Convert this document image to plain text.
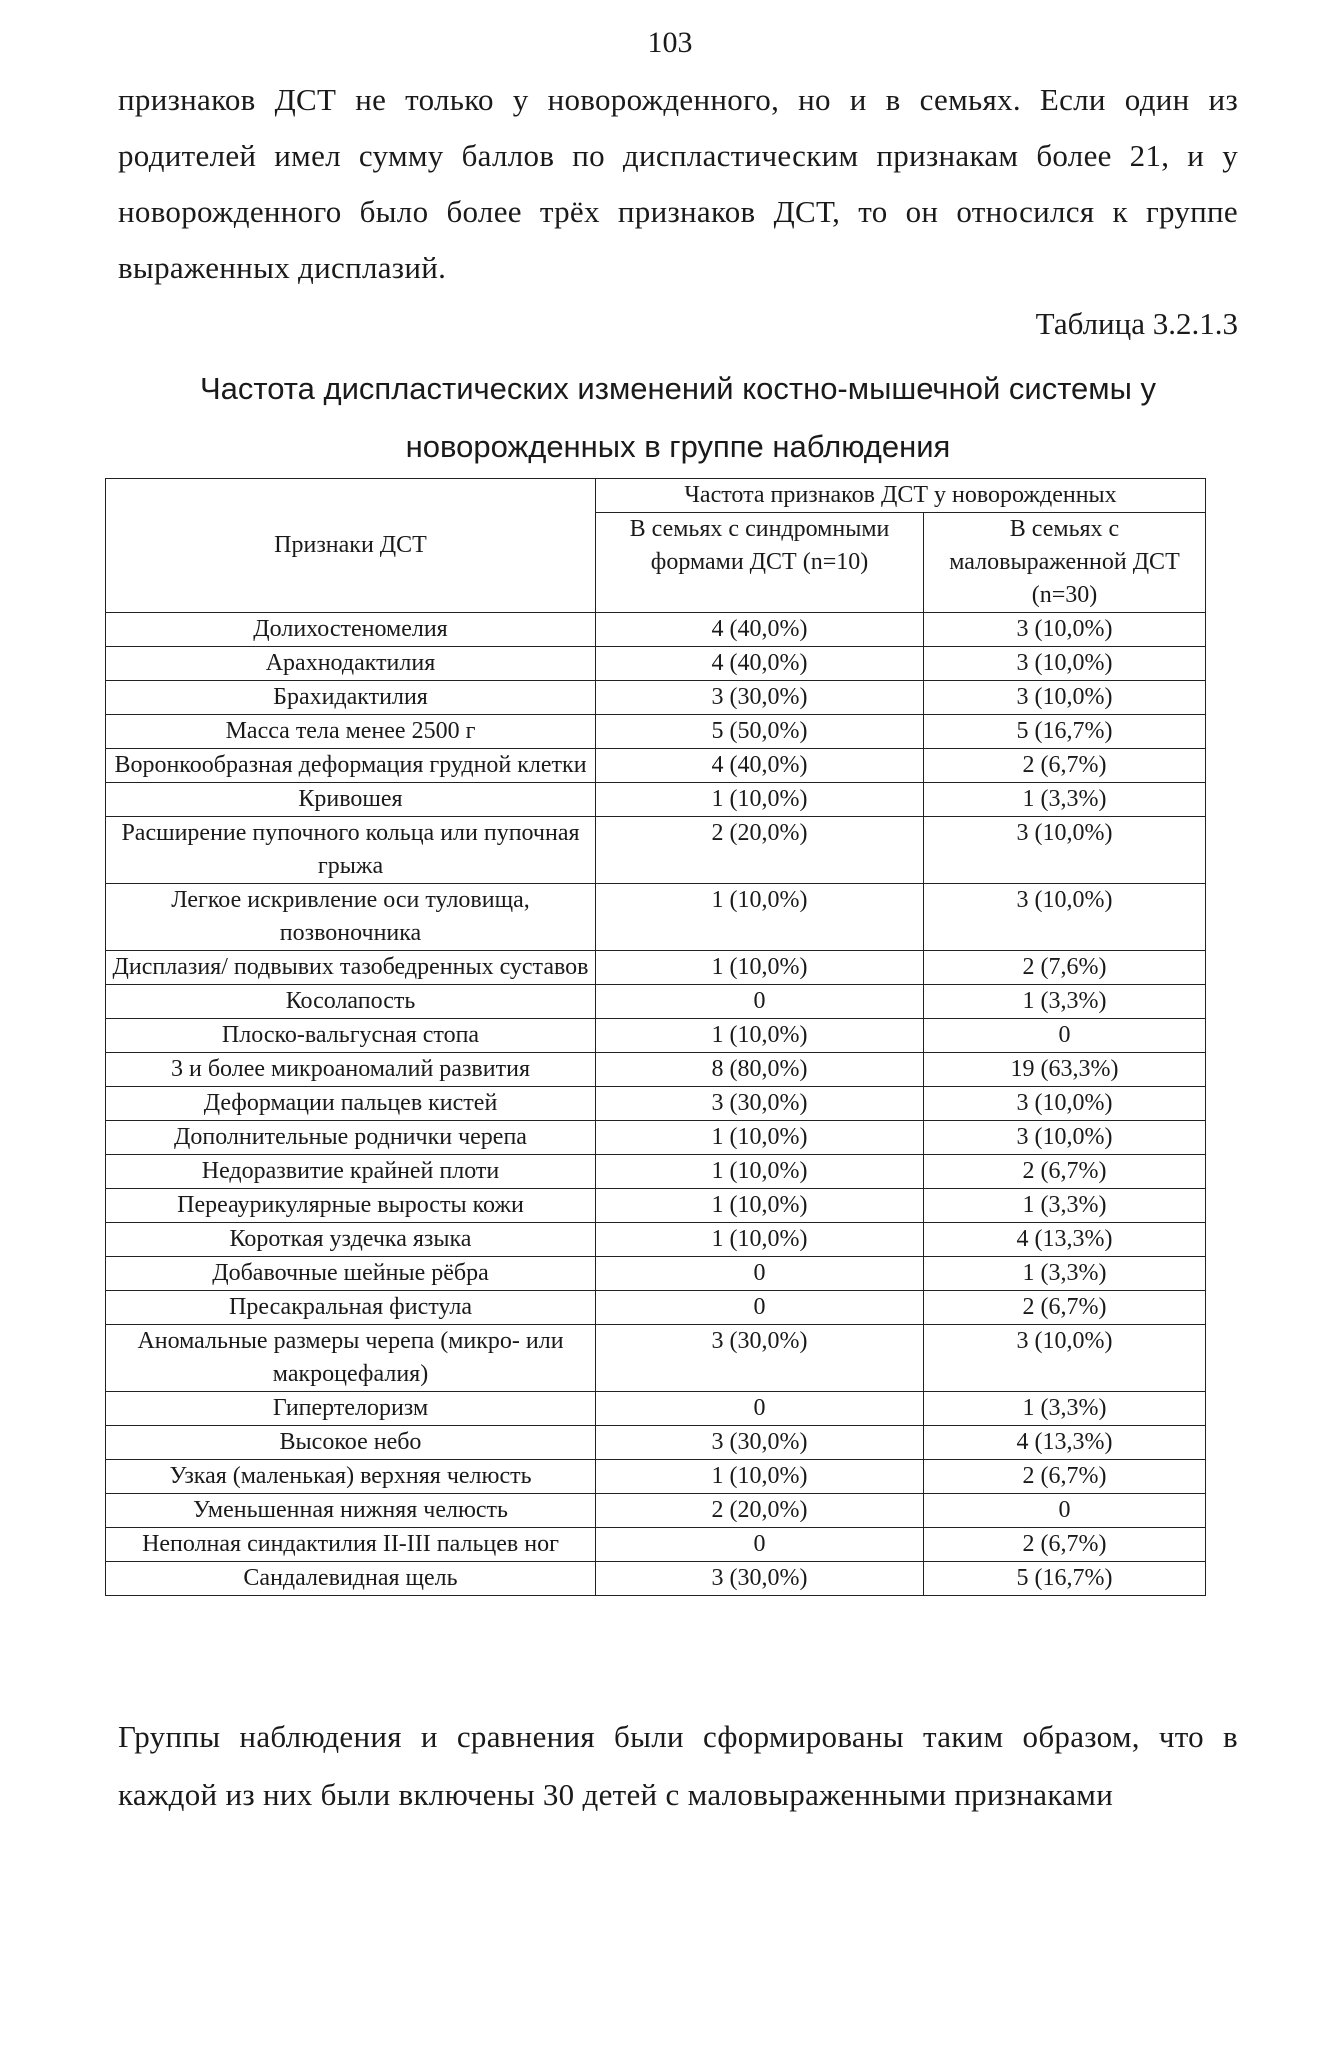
103

признаков ДСТ не только у новорожденного, но и в семьях. Если один из родителей имел сумму баллов по диспластическим признакам более 21, и у новорожденного было более трёх признаков ДСТ, то он относился к группе выраженных дисплазий.

Таблица 3.2.1.3
Частота диспластических изменений костно-мышечной системы у новорожденных в группе наблюдения
Признаки ДСТ	Частота признаков ДСТ у новорожденных	
	В семьях с синдромными формами ДСТ (n=10)	В семьях с маловыраженной ДСТ (n=30)
Долихостеномелия	4 (40,0%)	3 (10,0%)
Арахнодактилия	4 (40,0%)	3 (10,0%)
Брахидактилия	3 (30,0%)	3 (10,0%)
Масса тела менее 2500 г	5 (50,0%)	5 (16,7%)
Воронкообразная деформация грудной клетки	4 (40,0%)	2 (6,7%)
Кривошея	1 (10,0%)	1 (3,3%)
Расширение пупочного кольца или пупочная грыжа	2 (20,0%)	3 (10,0%)
Легкое искривление оси туловища, позвоночника	1 (10,0%)	3 (10,0%)
Дисплазия/ подвывих тазобедренных суставов	1 (10,0%)	2 (7,6%)
Косолапость	0	1 (3,3%)
Плоско-вальгусная стопа	1 (10,0%)	0
3 и более микроаномалий развития	8 (80,0%)	19 (63,3%)
Деформации пальцев кистей	3 (30,0%)	3 (10,0%)
Дополнительные роднички черепа	1 (10,0%)	3 (10,0%)
Недоразвитие крайней плоти	1 (10,0%)	2 (6,7%)
Переаурикулярные выросты кожи	1 (10,0%)	1 (3,3%)
Короткая уздечка языка	1 (10,0%)	4 (13,3%)
Добавочные шейные рёбра	0	1 (3,3%)
Пресакральная фистула	0	2 (6,7%)
Аномальные размеры черепа (микро- или макроцефалия)	3 (30,0%)	3 (10,0%)
Гипертелоризм	0	1 (3,3%)
Высокое небо	3 (30,0%)	4 (13,3%)
Узкая (маленькая) верхняя челюсть	1 (10,0%)	2 (6,7%)
Уменьшенная нижняя челюсть	2 (20,0%)	0
Неполная синдактилия II-III пальцев ног	0	2 (6,7%)
Сандалевидная щель	3 (30,0%)	5 (16,7%)

Группы наблюдения и сравнения были сформированы таким образом, что в каждой из них были включены 30 детей с маловыраженными признаками
